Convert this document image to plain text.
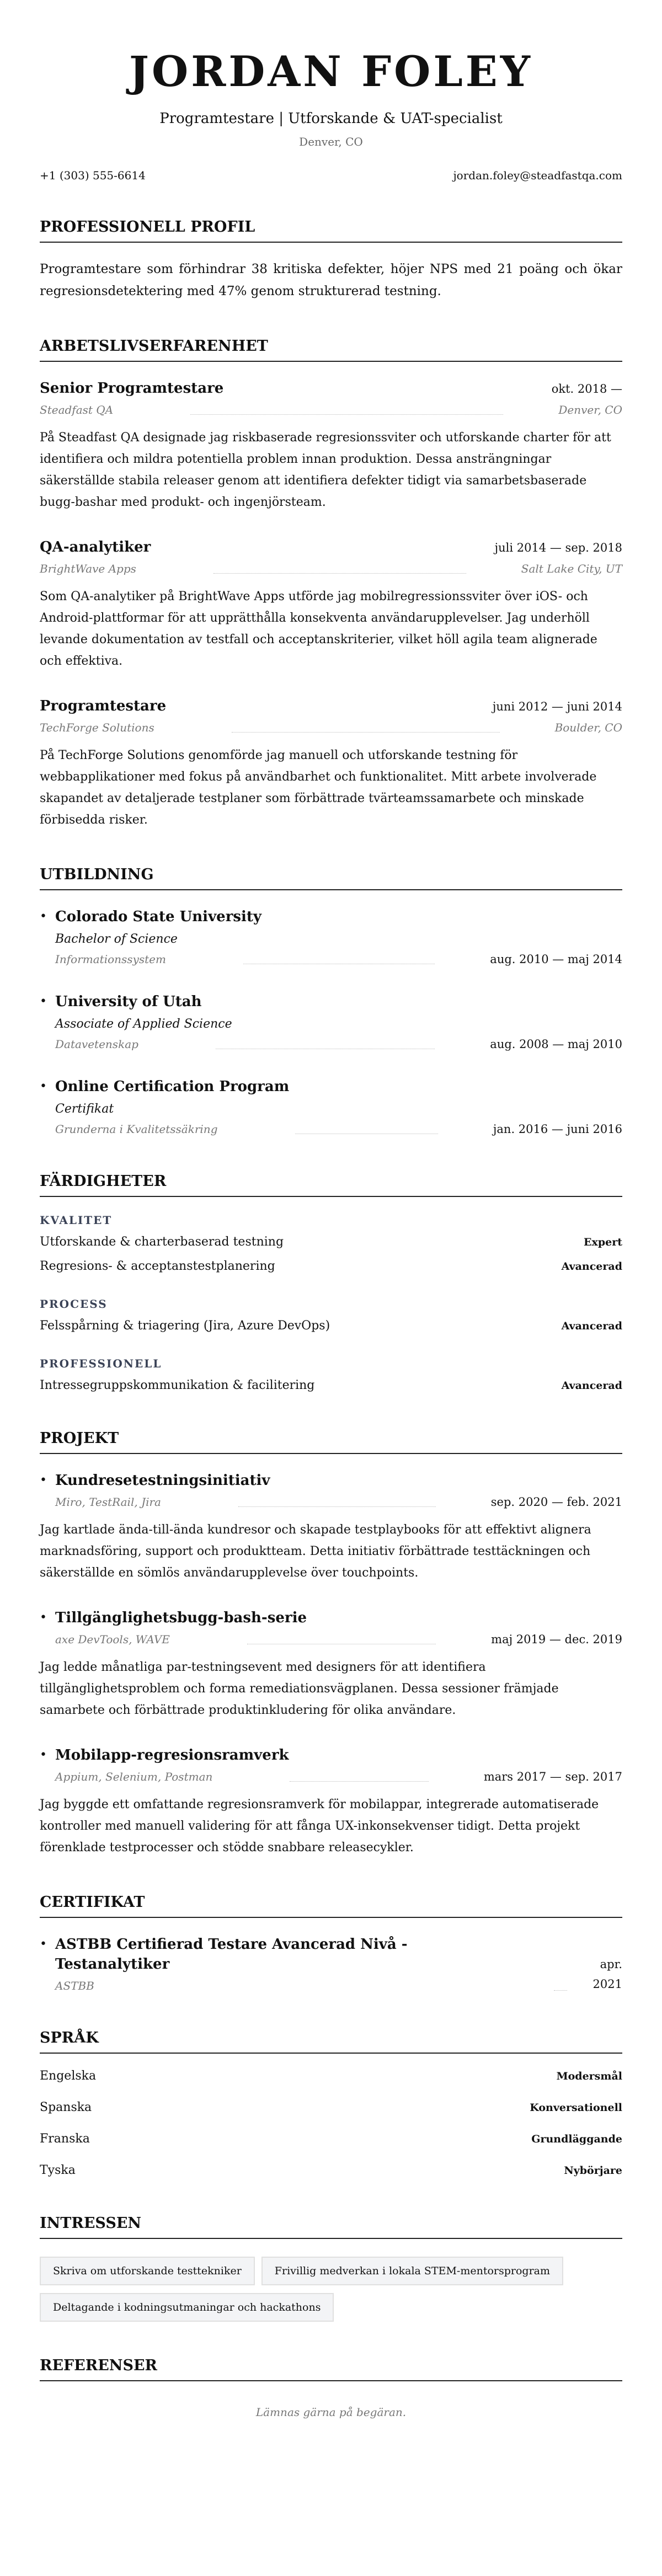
JORDAN FOLEY
Programtestare | Utforskande & UAT-specialist
Denver, CO
+1 (303) 555-6614	jordan.foley@steadfastqa.com
PROFESSIONELL PROFIL

Programtestare som förhindrar 38 kritiska defekter, höjer NPS med 21 poäng och ökar regresionsdetektering med 47% genom strukturerad testning.

ARBETSLIVSERFARENHET
Senior Programtestare	okt. 2018 —
Steadfast QA	Denver, CO

På Steadfast QA designade jag riskbaserade regresionssviter och utforskande charter för att identifiera och mildra potentiella problem innan produktion. Dessa ansträngningar säkerställde stabila releaser genom att identifiera defekter tidigt via samarbetsbaserade bugg-bashar med produkt- och ingenjörsteam.

QA-analytiker	juli 2014 — sep. 2018
BrightWave Apps	Salt Lake City, UT

Som QA-analytiker på BrightWave Apps utförde jag mobilregressionssviter över iOS- och Android-plattformar för att upprätthålla konsekventa användarupplevelser. Jag underhöll levande dokumentation av testfall och acceptanskriterier, vilket höll agila team alignerade och effektiva.

Programtestare	juni 2012 — juni 2014
TechForge Solutions	Boulder, CO

På TechForge Solutions genomförde jag manuell och utforskande testning för webbapplikationer med fokus på användbarhet och funktionalitet. Mitt arbete involverade skapandet av detaljerade testplaner som förbättrade tvärteamssamarbete och minskade förbisedda risker.

UTBILDNING
• Colorado State University
Bachelor of Science
Informationssystem	aug. 2010 — maj 2014
• University of Utah
Associate of Applied Science
Datavetenskap	aug. 2008 — maj 2010
• Online Certification Program
Certifikat
Grunderna i Kvalitetssäkring	jan. 2016 — juni 2016
FÄRDIGHETER
KVALITET
Utforskande & charterbaserad testning	Expert
Regresions- & acceptanstestplanering	Avancerad
PROCESS
Felsspårning & triagering (Jira, Azure DevOps)	Avancerad
PROFESSIONELL
Intressegruppskommunikation & facilitering	Avancerad
PROJEKT
• Kundresetestningsinitiativ
Miro, TestRail, Jira	sep. 2020 — feb. 2021

Jag kartlade ända-till-ända kundresor och skapade testplaybooks för att effektivt alignera marknadsföring, support och produktteam. Detta initiativ förbättrade testtäckningen och säkerställde en sömlös användarupplevelse över touchpoints.

• Tillgänglighetsbugg-bash-serie
axe DevTools, WAVE	maj 2019 — dec. 2019

Jag ledde månatliga par-testningsevent med designers för att identifiera tillgänglighetsproblem och forma remediationsvägplanen. Dessa sessioner främjade samarbete och förbättrade produktinkludering för olika användare.

• Mobilapp-regresionsramverk
Appium, Selenium, Postman	mars 2017 — sep. 2017

Jag byggde ett omfattande regresionsramverk för mobilappar, integrerade automatiserade kontroller med manuell validering för att fånga UX-inkonsekvenser tidigt. Detta projekt förenklade testprocesser och stödde snabbare releasecykler.

CERTIFIKAT
• ASTBB Certifierad Testare Avancerad Nivå - Testanalytiker
ASTBB
apr. 2021
SPRÅK
Engelska	Modersmål
Spanska	Konversationell
Franska	Grundläggande
Tyska	Nybörjare
INTRESSEN
Skriva om utforskande testtekniker	Frivillig medverkan i lokala STEM-mentorsprogram
Deltagande i kodningsutmaningar och hackathons
REFERENSER

Lämnas gärna på begäran.
